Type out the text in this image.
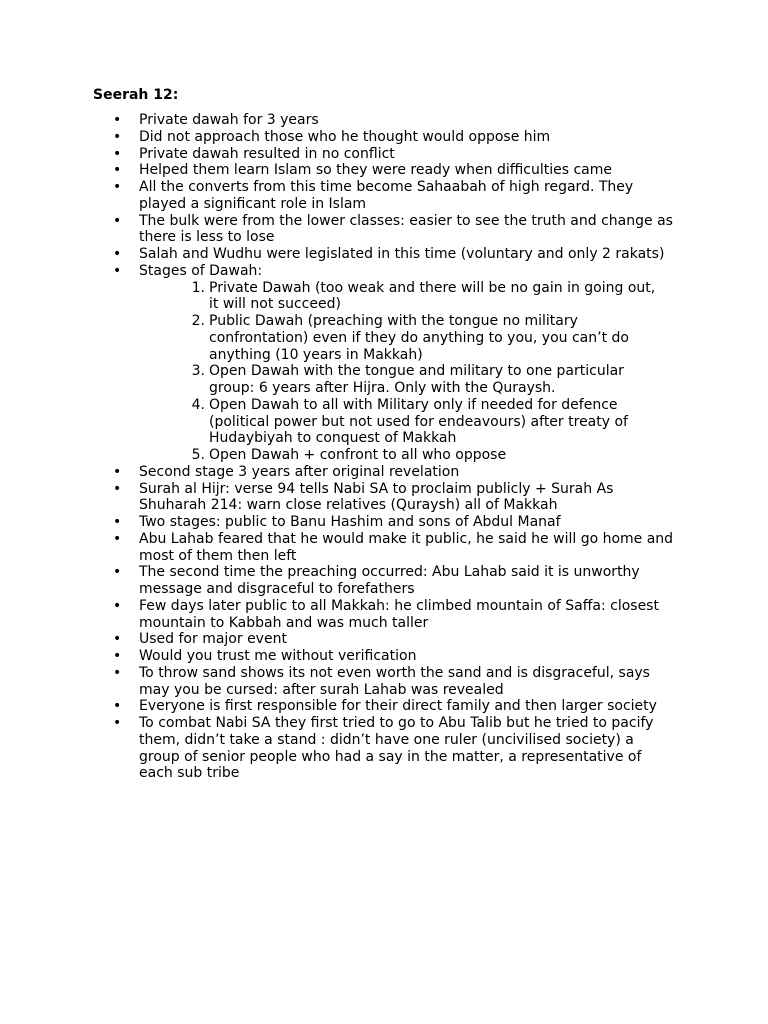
Seerah 12:
• Private dawah for 3 years
• Did not approach those who he thought would oppose him
• Private dawah resulted in no conflict
• Helped them learn Islam so they were ready when difficulties came
• All the converts from this time become Sahaabah of high regard. They played a significant role in Islam
• The bulk were from the lower classes: easier to see the truth and change as there is less to lose
• Salah and Wudhu were legislated in this time (voluntary and only 2 rakats)
• Stages of Dawah:
1. Private Dawah (too weak and there will be no gain in going out, it will not succeed)
2. Public Dawah (preaching with the tongue no military confrontation) even if they do anything to you, you can’t do anything (10 years in Makkah)
3. Open Dawah with the tongue and military to one particular group: 6 years after Hijra. Only with the Quraysh.
4. Open Dawah to all with Military only if needed for defence (political power but not used for endeavours) after treaty of Hudaybiyah to conquest of Makkah
5. Open Dawah + confront to all who oppose
• Second stage 3 years after original revelation
• Surah al Hijr: verse 94 tells Nabi SA to proclaim publicly + Surah As Shuharah 214: warn close relatives (Quraysh) all of Makkah
• Two stages: public to Banu Hashim and sons of Abdul Manaf
• Abu Lahab feared that he would make it public, he said he will go home and most of them then left
• The second time the preaching occurred: Abu Lahab said it is unworthy message and disgraceful to forefathers
• Few days later public to all Makkah: he climbed mountain of Saffa: closest mountain to Kabbah and was much taller
• Used for major event
• Would you trust me without verification
• To throw sand shows its not even worth the sand and is disgraceful, says may you be cursed: after surah Lahab was revealed
• Everyone is first responsible for their direct family and then larger society
• To combat Nabi SA they first tried to go to Abu Talib but he tried to pacify them, didn’t take a stand : didn’t have one ruler (uncivilised society) a group of senior people who had a say in the matter, a representative of each sub tribe
